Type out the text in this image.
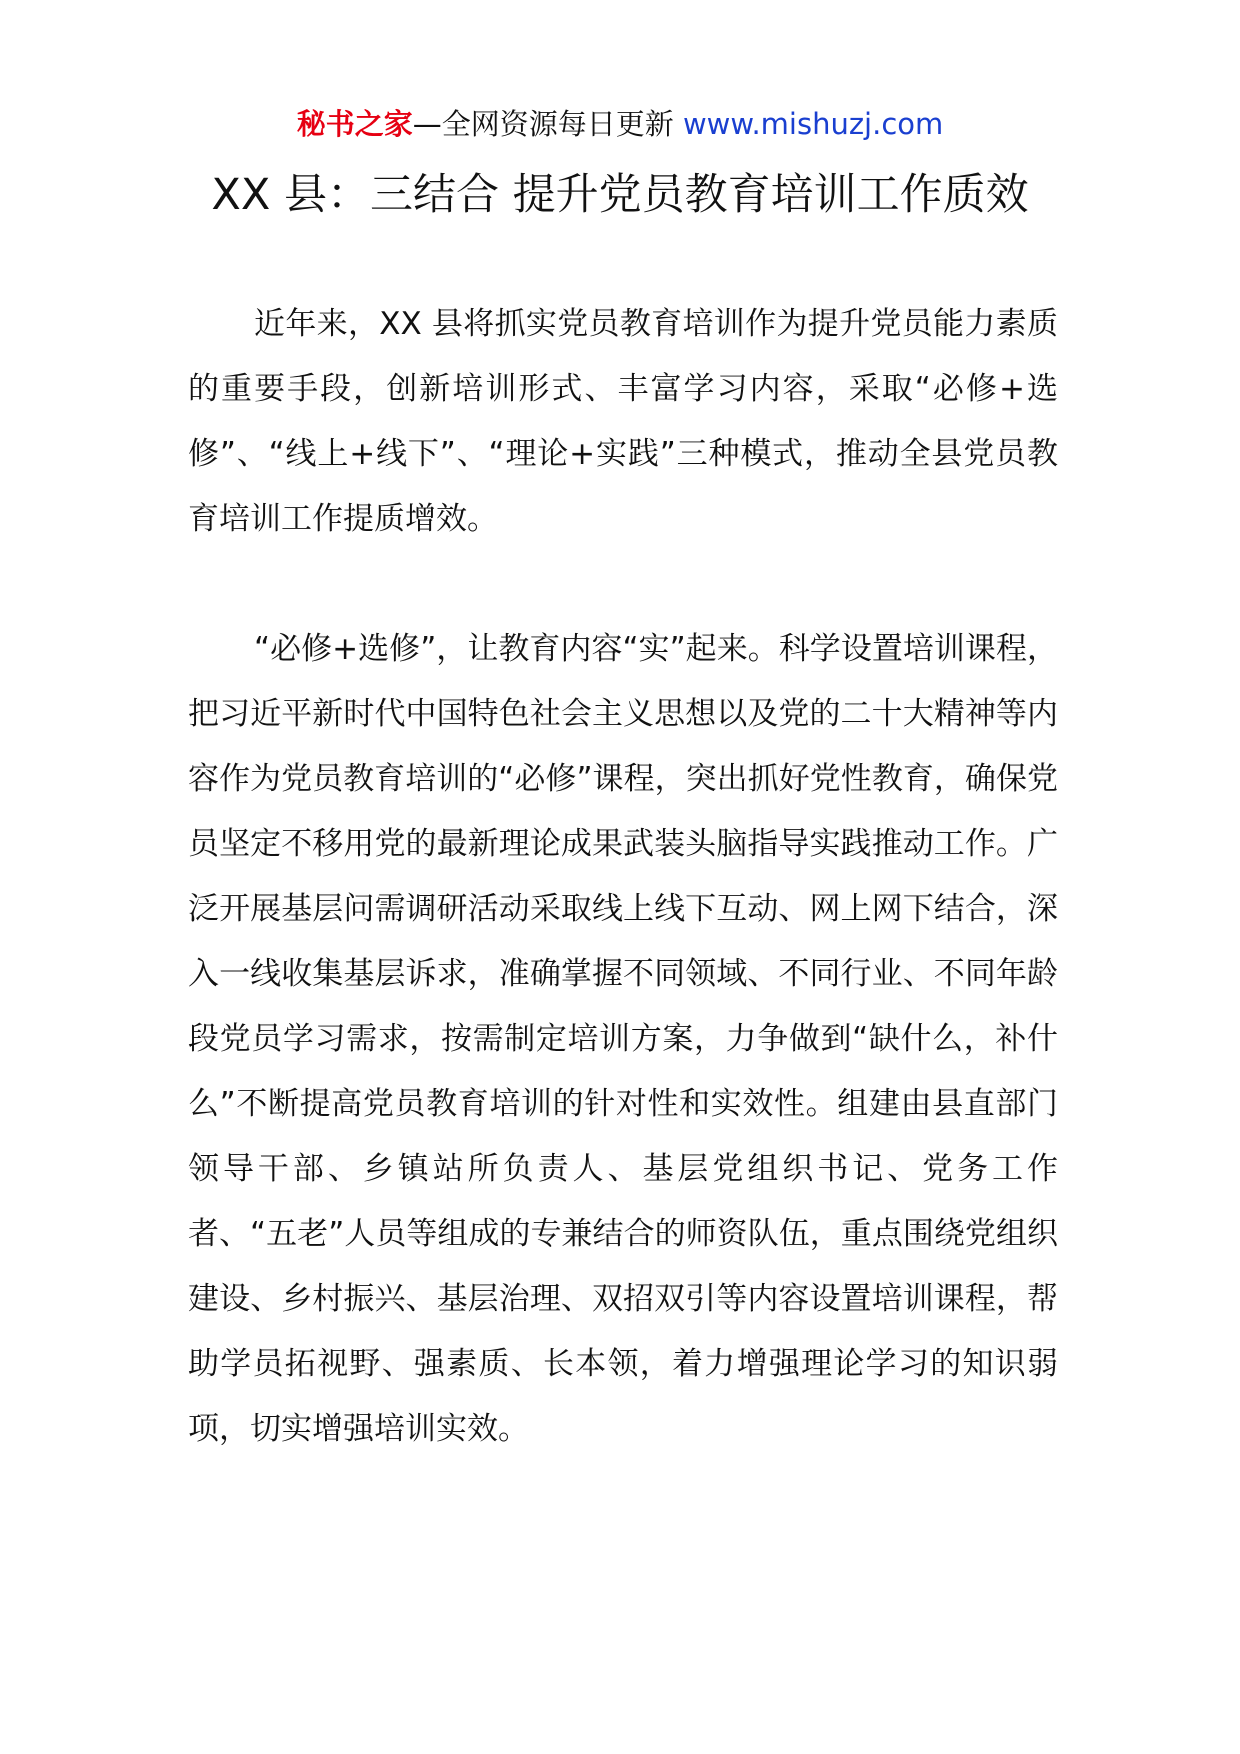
秘书之家—全网资源每日更新 www.mishuzj.com
XX 县：三结合 提升党员教育培训工作质效

近年来，XX 县将抓实党员教育培训作为提升党员能力素质的重要手段，创新培训形式、丰富学习内容，采取“必修+选修”、“线上+线下”、“理论+实践”三种模式，推动全县党员教育培训工作提质增效。

“必修+选修”，让教育内容“实”起来。科学设置培训课程，把习近平新时代中国特色社会主义思想以及党的二十大精神等内容作为党员教育培训的“必修”课程，突出抓好党性教育，确保党员坚定不移用党的最新理论成果武装头脑指导实践推动工作。广泛开展基层问需调研活动采取线上线下互动、网上网下结合，深入一线收集基层诉求，准确掌握不同领域、不同行业、不同年龄段党员学习需求，按需制定培训方案，力争做到“缺什么，补什么”不断提高党员教育培训的针对性和实效性。组建由县直部门领导干部、乡镇站所负责人、基层党组织书记、党务工作者、“五老”人员等组成的专兼结合的师资队伍，重点围绕党组织建设、乡村振兴、基层治理、双招双引等内容设置培训课程，帮助学员拓视野、强素质、长本领，着力增强理论学习的知识弱项，切实增强培训实效。
